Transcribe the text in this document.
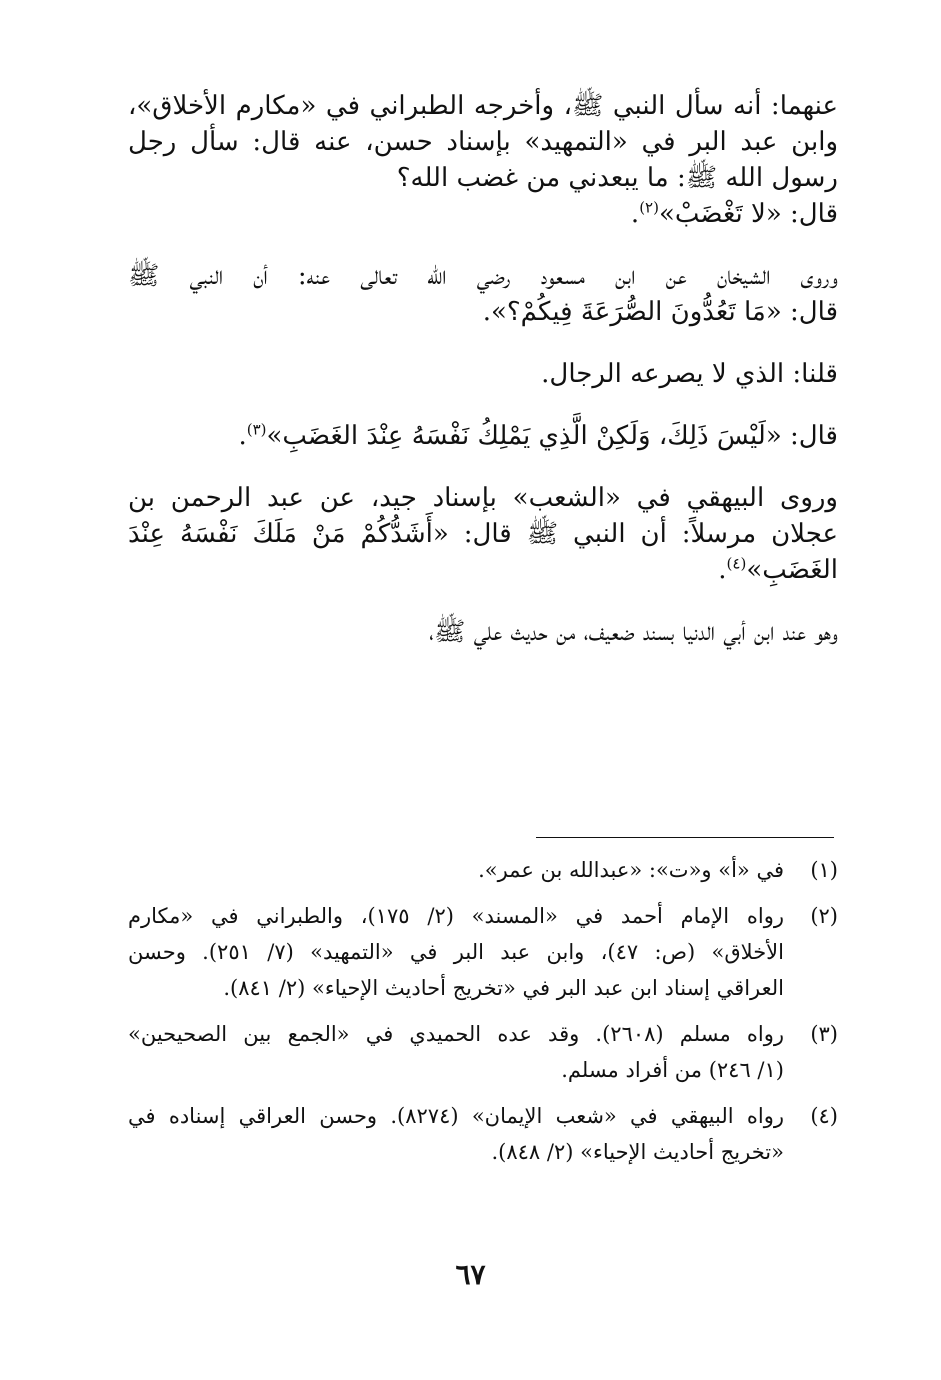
عنهما: أنه سأل النبي ﷺ، وأخرجه الطبراني في «مكارم الأخلاق»،
وابن عبد البر في «التمهيد» بإسناد حسن، عنه قال: سأل رجل
رسول الله ﷺ: ما يبعدني من غضب الله؟
قال: «لا تَغْضَبْ»$^{(٢)}$.
وروى الشيخان عن ابن مسعود رضي الله تعالى عنه: أن النبي ﷺ
قال: «مَا تَعُدُّونَ الصُّرَعَةَ فِيكُمْ؟».
قلنا: الذي لا يصرعه الرجال.
قال: «لَيْسَ ذَلِكَ، وَلَكِنْ الَّذِي يَمْلِكُ نَفْسَهُ عِنْدَ الغَضَبِ»$^{(٣)}$.
وروى البيهقي في «الشعب» بإسناد جيد، عن عبد الرحمن بن
عجلان مرسلاً: أن النبي ﷺ قال: «أَشَدُّكُمْ مَنْ مَلَكَ نَفْسَهُ عِنْدَ
الغَضَبِ»$^{(٤)}$.
وهو عند ابن أبي الدنيا بسند ضعيف، من حديث علي ﷺ،
(١)
في «أ» و«ت»: «عبدالله بن عمر».
(٢)
رواه الإمام أحمد في «المسند» (٢/ ١٧٥)، والطبراني في «مكارم
الأخلاق» (ص: ٤٧)، وابن عبد البر في «التمهيد» (٧/ ٢٥١). وحسن
العراقي إسناد ابن عبد البر في «تخريج أحاديث الإحياء» (٢/ ٨٤١).
(٣)
رواه مسلم (٢٦٠٨). وقد عده الحميدي في «الجمع بين الصحيحين»
(١/ ٢٤٦) من أفراد مسلم.
(٤)
رواه البيهقي في «شعب الإيمان» (٨٢٧٤). وحسن العراقي إسناده في
«تخريج أحاديث الإحياء» (٢/ ٨٤٨).
٦٧
